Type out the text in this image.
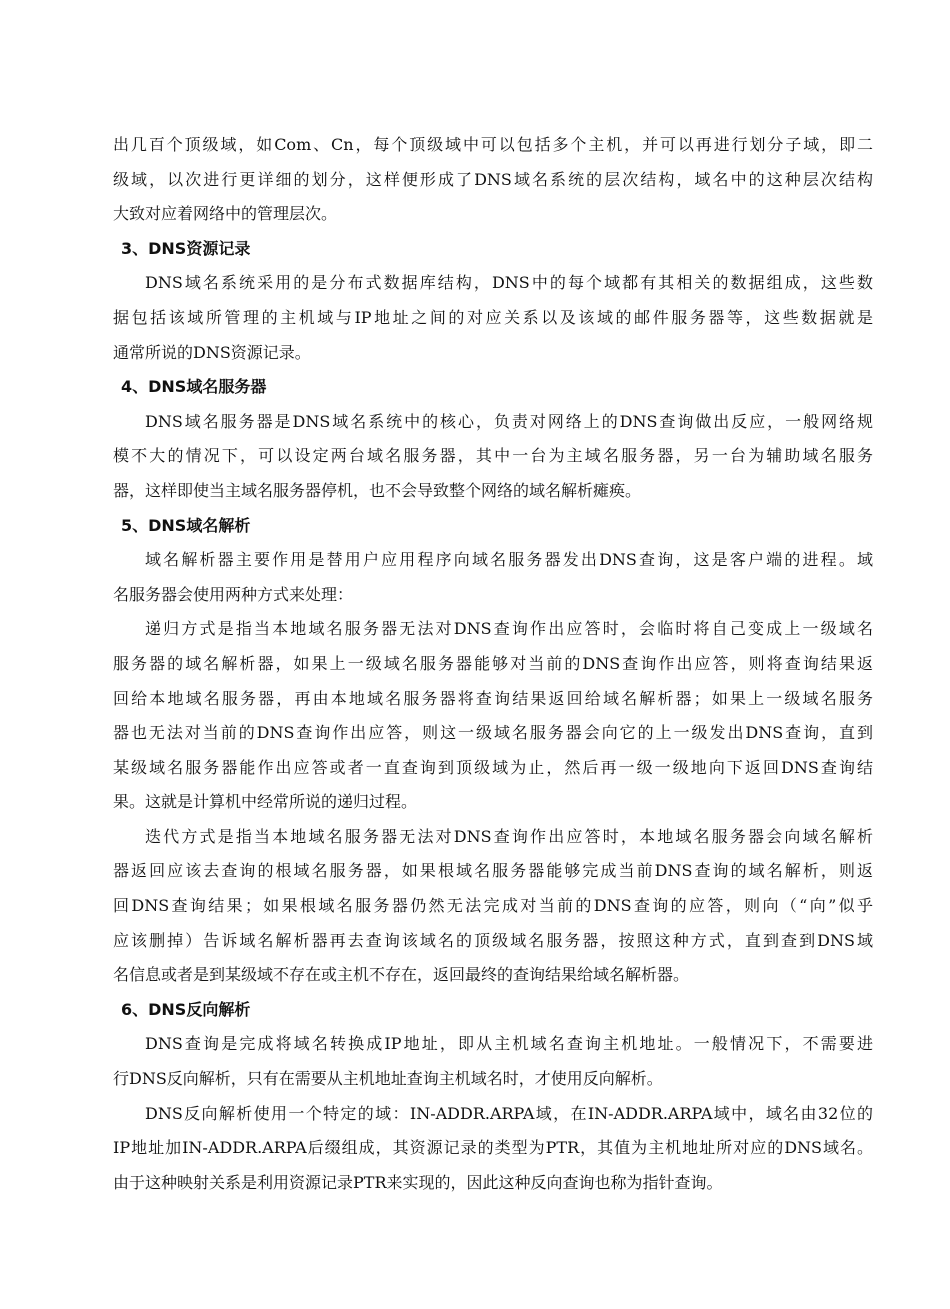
出几百个顶级域，如Com、Cn，每个顶级域中可以包括多个主机，并可以再进行划分子域，即二
级域，以次进行更详细的划分，这样便形成了DNS域名系统的层次结构，域名中的这种层次结构
大致对应着网络中的管理层次。
3、DNS资源记录
DNS域名系统采用的是分布式数据库结构，DNS中的每个域都有其相关的数据组成，这些数
据包括该域所管理的主机域与IP地址之间的对应关系以及该域的邮件服务器等，这些数据就是
通常所说的DNS资源记录。
4、DNS域名服务器
DNS域名服务器是DNS域名系统中的核心，负责对网络上的DNS查询做出反应，一般网络规
模不大的情况下，可以设定两台域名服务器，其中一台为主域名服务器，另一台为辅助域名服务
器，这样即使当主域名服务器停机，也不会导致整个网络的域名解析瘫痪。
5、DNS域名解析
域名解析器主要作用是替用户应用程序向域名服务器发出DNS查询，这是客户端的进程。域
名服务器会使用两种方式来处理：
递归方式是指当本地域名服务器无法对DNS查询作出应答时，会临时将自己变成上一级域名
服务器的域名解析器，如果上一级域名服务器能够对当前的DNS查询作出应答，则将查询结果返
回给本地域名服务器，再由本地域名服务器将查询结果返回给域名解析器；如果上一级域名服务
器也无法对当前的DNS查询作出应答，则这一级域名服务器会向它的上一级发出DNS查询，直到
某级域名服务器能作出应答或者一直查询到顶级域为止，然后再一级一级地向下返回DNS查询结
果。这就是计算机中经常所说的递归过程。
迭代方式是指当本地域名服务器无法对DNS查询作出应答时，本地域名服务器会向域名解析
器返回应该去查询的根域名服务器，如果根域名服务器能够完成当前DNS查询的域名解析，则返
回DNS查询结果；如果根域名服务器仍然无法完成对当前的DNS查询的应答，则向（“向”似乎
应该删掉）告诉域名解析器再去查询该域名的顶级域名服务器，按照这种方式，直到查到DNS域
名信息或者是到某级域不存在或主机不存在，返回最终的查询结果给域名解析器。
6、DNS反向解析
DNS查询是完成将域名转换成IP地址，即从主机域名查询主机地址。一般情况下，不需要进
行DNS反向解析，只有在需要从主机地址查询主机域名时，才使用反向解析。
DNS反向解析使用一个特定的域：IN-ADDR.ARPA域，在IN-ADDR.ARPA域中，域名由32位的
IP地址加IN-ADDR.ARPA后缀组成，其资源记录的类型为PTR，其值为主机地址所对应的DNS域名。
由于这种映射关系是利用资源记录PTR来实现的，因此这种反向查询也称为指针查询。
